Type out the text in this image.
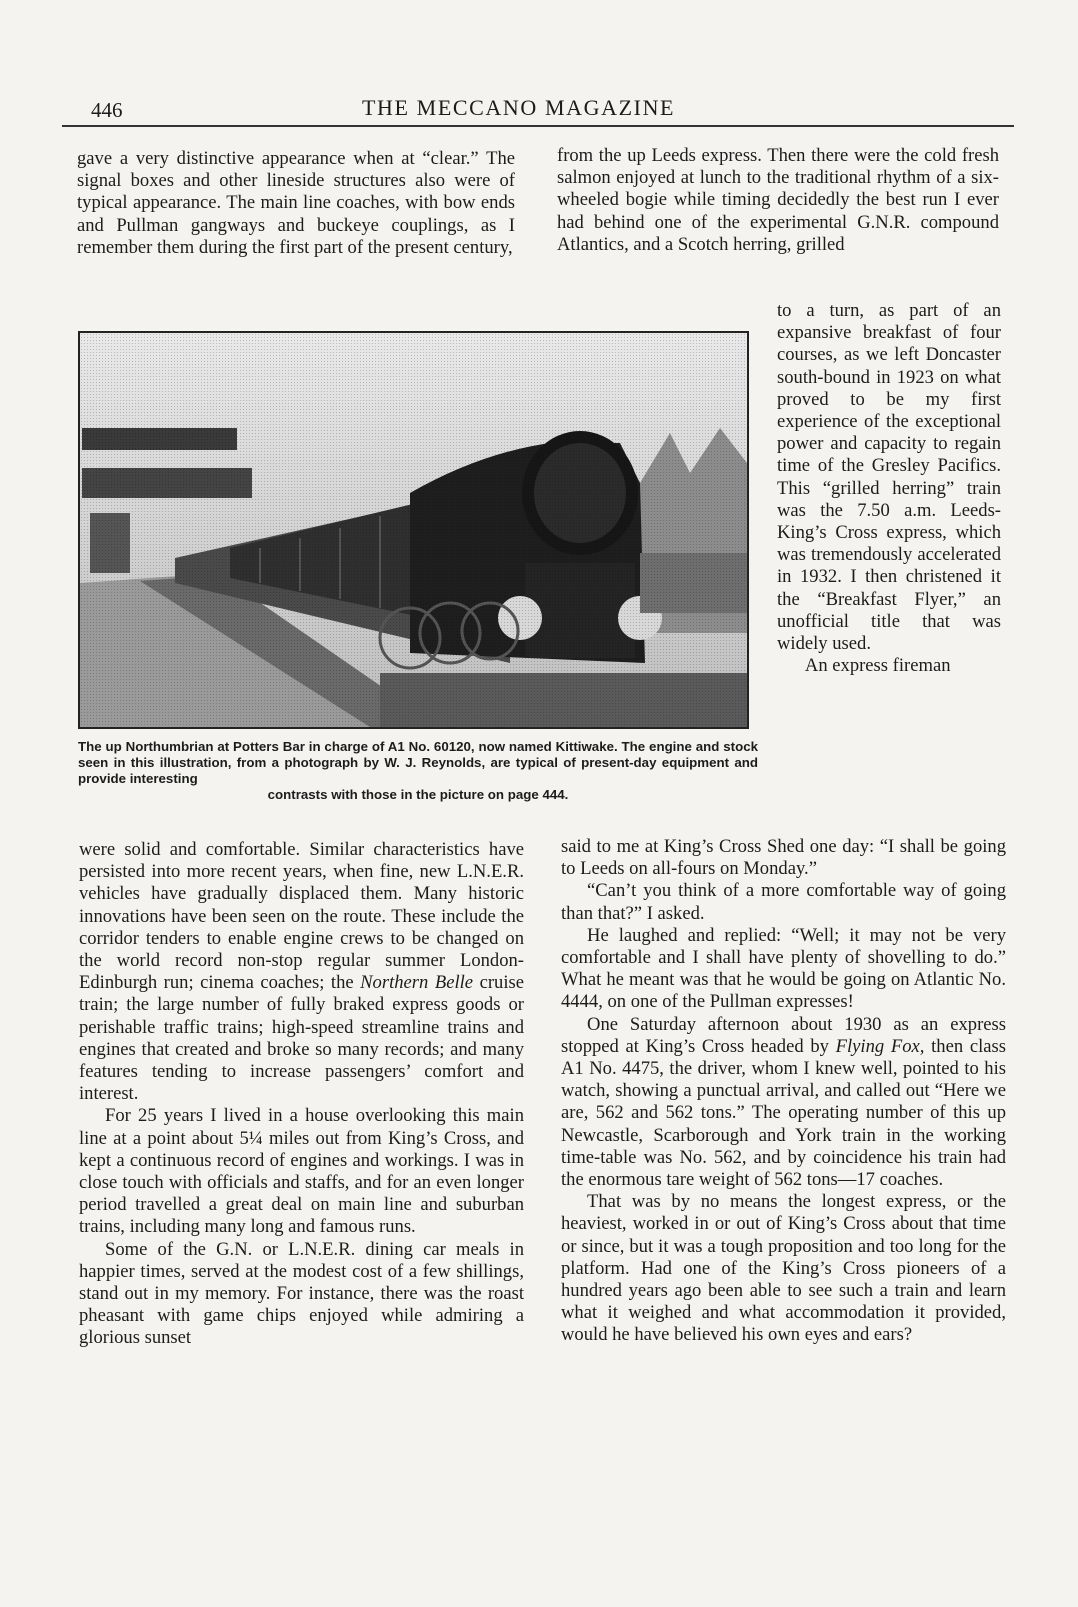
446	THE MECCANO MAGAZINE

gave a very distinctive appearance when at “clear.” The signal boxes and other lineside structures also were of typical appearance. The main line coaches, with bow ends and Pullman gangways and buckeye couplings, as I remember them during the first part of the present century,

from the up Leeds express. Then there were the cold fresh salmon enjoyed at lunch to the traditional rhythm of a six-wheeled bogie while timing decidedly the best run I ever had behind one of the experimental G.N.R. compound Atlantics, and a Scotch herring, grilled

The up Northumbrian at Potters Bar in charge of A1 No. 60120, now named Kittiwake. The engine and stock seen in this illustration, from a photograph by W. J. Reynolds, are typical of present-day equipment and provide interesting
contrasts with those in the picture on page 444.

to a turn, as part of an expansive breakfast of four courses, as we left Doncaster south-bound in 1923 on what proved to be my first experience of the exceptional power and capacity to regain time of the Gresley Pacifics. This “grilled herring” train was the 7.50 a.m. Leeds-King’s Cross express, which was tremendously accelerated in 1932. I then christened it the “Breakfast Flyer,” an unofficial title that was widely used.

An express fireman

were solid and comfortable. Similar characteristics have persisted into more recent years, when fine, new L.N.E.R. vehicles have gradually displaced them. Many historic innovations have been seen on the route. These include the corridor tenders to enable engine crews to be changed on the world record non-stop regular summer London-Edinburgh run; cinema coaches; the Northern Belle cruise train; the large number of fully braked express goods or perishable traffic trains; high-speed streamline trains and engines that created and broke so many records; and many features tending to increase passengers’ comfort and interest.

For 25 years I lived in a house overlooking this main line at a point about 5¼ miles out from King’s Cross, and kept a continuous record of engines and workings. I was in close touch with officials and staffs, and for an even longer period travelled a great deal on main line and suburban trains, including many long and famous runs.

Some of the G.N. or L.N.E.R. dining car meals in happier times, served at the modest cost of a few shillings, stand out in my memory. For instance, there was the roast pheasant with game chips enjoyed while admiring a glorious sunset

said to me at King’s Cross Shed one day: “I shall be going to Leeds on all-fours on Monday.”

“Can’t you think of a more comfortable way of going than that?” I asked.

He laughed and replied: “Well; it may not be very comfortable and I shall have plenty of shovelling to do.” What he meant was that he would be going on Atlantic No. 4444, on one of the Pullman expresses!

One Saturday afternoon about 1930 as an express stopped at King’s Cross headed by Flying Fox, then class A1 No. 4475, the driver, whom I knew well, pointed to his watch, showing a punctual arrival, and called out “Here we are, 562 and 562 tons.” The operating number of this up Newcastle, Scarborough and York train in the working time-table was No. 562, and by coincidence his train had the enormous tare weight of 562 tons—17 coaches.

That was by no means the longest express, or the heaviest, worked in or out of King’s Cross about that time or since, but it was a tough proposition and too long for the platform. Had one of the King’s Cross pioneers of a hundred years ago been able to see such a train and learn what it weighed and what accommodation it provided, would he have believed his own eyes and ears?
